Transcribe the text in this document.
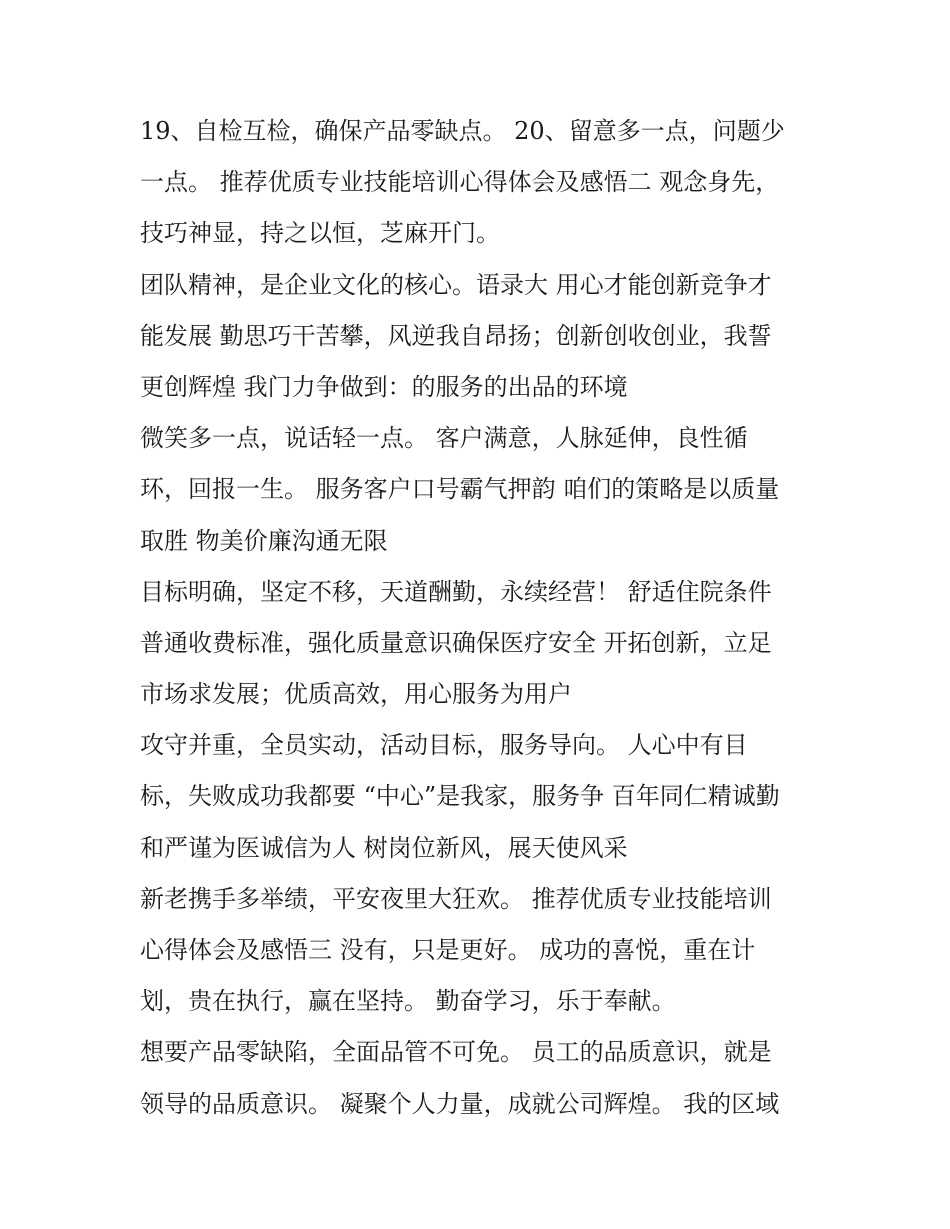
19、自检互检，确保产品零缺点。 20、留意多一点，问题少
一点。 推荐优质专业技能培训心得体会及感悟二 观念身先，
技巧神显，持之以恒，芝麻开门。
团队精神，是企业文化的核心。语录大 用心才能创新竞争才
能发展 勤思巧干苦攀，风逆我自昂扬；创新创收创业，我誓
更创辉煌 我门力争做到：的服务的出品的环境
微笑多一点，说话轻一点。 客户满意，人脉延伸，良性循
环，回报一生。 服务客户口号霸气押韵 咱们的策略是以质量
取胜 物美价廉沟通无限
目标明确，坚定不移，天道酬勤，永续经营！ 舒适住院条件
普通收费标准，强化质量意识确保医疗安全 开拓创新，立足
市场求发展；优质高效，用心服务为用户
攻守并重，全员实动，活动目标，服务导向。 人心中有目
标，失败成功我都要 “中心”是我家，服务争 百年同仁精诚勤
和严谨为医诚信为人 树岗位新风，展天使风采
新老携手多举绩，平安夜里大狂欢。 推荐优质专业技能培训
心得体会及感悟三 没有，只是更好。 成功的喜悦，重在计
划，贵在执行，赢在坚持。 勤奋学习，乐于奉献。
想要产品零缺陷，全面品管不可免。 员工的品质意识，就是
领导的品质意识。 凝聚个人力量，成就公司辉煌。 我的区域
